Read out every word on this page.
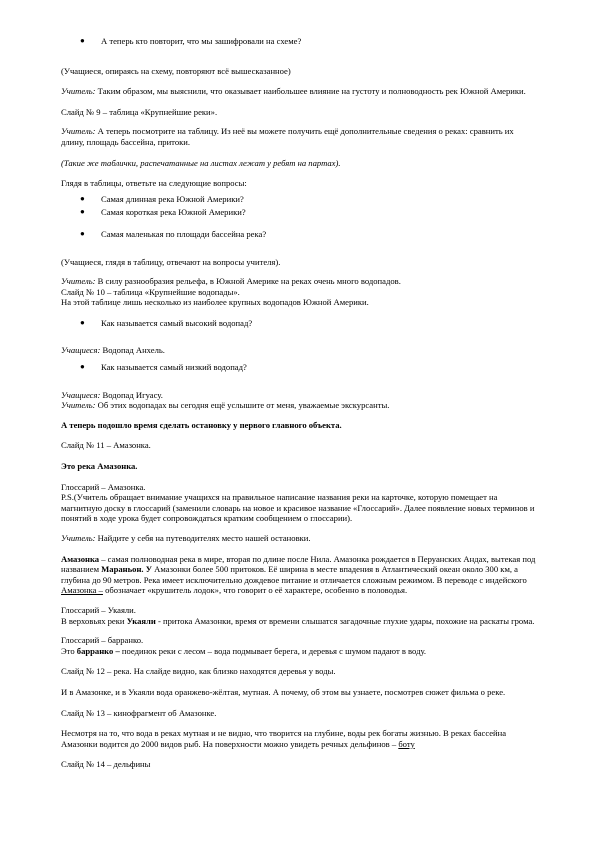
● А теперь кто повторит, что мы зашифровали на схеме?

(Учащиеся, опираясь на схему, повторяют всё вышесказанное)

Учитель: Таким образом, мы выяснили, что оказывает наибольшее влияние на густоту и полноводность рек Южной Америки.

Слайд № 9 – таблица «Крупнейшие реки».

Учитель: А теперь посмотрите на таблицу. Из неё вы можете получить ещё дополнительные сведения о реках: сравнить их длину, площадь бассейна, притоки.

(Такие же таблички, распечатанные на листах лежат у ребят на партах).

Глядя в таблицы, ответьте на следующие вопросы:

● Самая длинная река Южной Америки?
● Самая короткая река Южной Америки?
● Самая маленькая по площади бассейна река?

(Учащиеся, глядя в таблицу, отвечают на вопросы учителя).

Учитель: В силу разнообразия рельефа, в Южной Америке на реках очень много водопадов.
Слайд № 10 – таблица «Крупнейшие водопады».
На этой таблице лишь несколько из наиболее крупных водопадов Южной Америки.

● Как называется самый высокий водопад?

Учащиеся: Водопад Анхель.

● Как называется самый низкий водопад?

Учащиеся: Водопад Игуасу.
Учитель: Об этих водопадах вы сегодня ещё услышите от меня, уважаемые экскурсанты.

А теперь подошло время сделать остановку у первого главного объекта.

Слайд № 11 – Амазонка.

Это река Амазонка.

Глоссарий – Амазонка.
P.S.(Учитель обращает внимание учащихся на правильное написание названия реки на карточке, которую помещает на магнитную доску в глоссарий (заменили словарь на новое и красивое название «Глоссарий». Далее появление новых терминов и понятий в ходе урока будет сопровождаться кратким сообщением о глоссарии).

Учитель: Найдите у себя на путеводителях место нашей остановки.

Амазонка – самая полноводная река в мире, вторая по длине после Нила. Амазонка рождается в Перуанских Андах, вытекая под названием Мараньон. У Амазонки более 500 притоков. Её ширина в месте впадения в Атлантический океан около 300 км, а глубина до 90 метров. Река имеет исключительно дождевое питание и отличается сложным режимом. В переводе с индейского Амазонка – обозначает «крушитель лодок», что говорит о её характере, особенно в половодья.

Глоссарий – Укаяли.
В верховьях реки Укаяли - притока Амазонки, время от времени слышатся загадочные глухие удары, похожие на раскаты грома.

Глоссарий – барранко.
Это барранко – поединок реки с лесом – вода подмывает берега, и деревья с шумом падают в воду.

Слайд № 12 – река. На слайде видно, как близко находятся деревья у воды.

И в Амазонке, и в Укаяли вода оранжево-жёлтая, мутная. А почему, об этом вы узнаете, посмотрев сюжет фильма о реке.

Слайд № 13 – кинофрагмент об Амазонке.

Несмотря на то, что вода в реках мутная и не видно, что творится на глубине, воды рек богаты жизнью. В реках бассейна Амазонки водится до 2000 видов рыб. На поверхности можно увидеть речных дельфинов – боту

Слайд № 14 – дельфины
